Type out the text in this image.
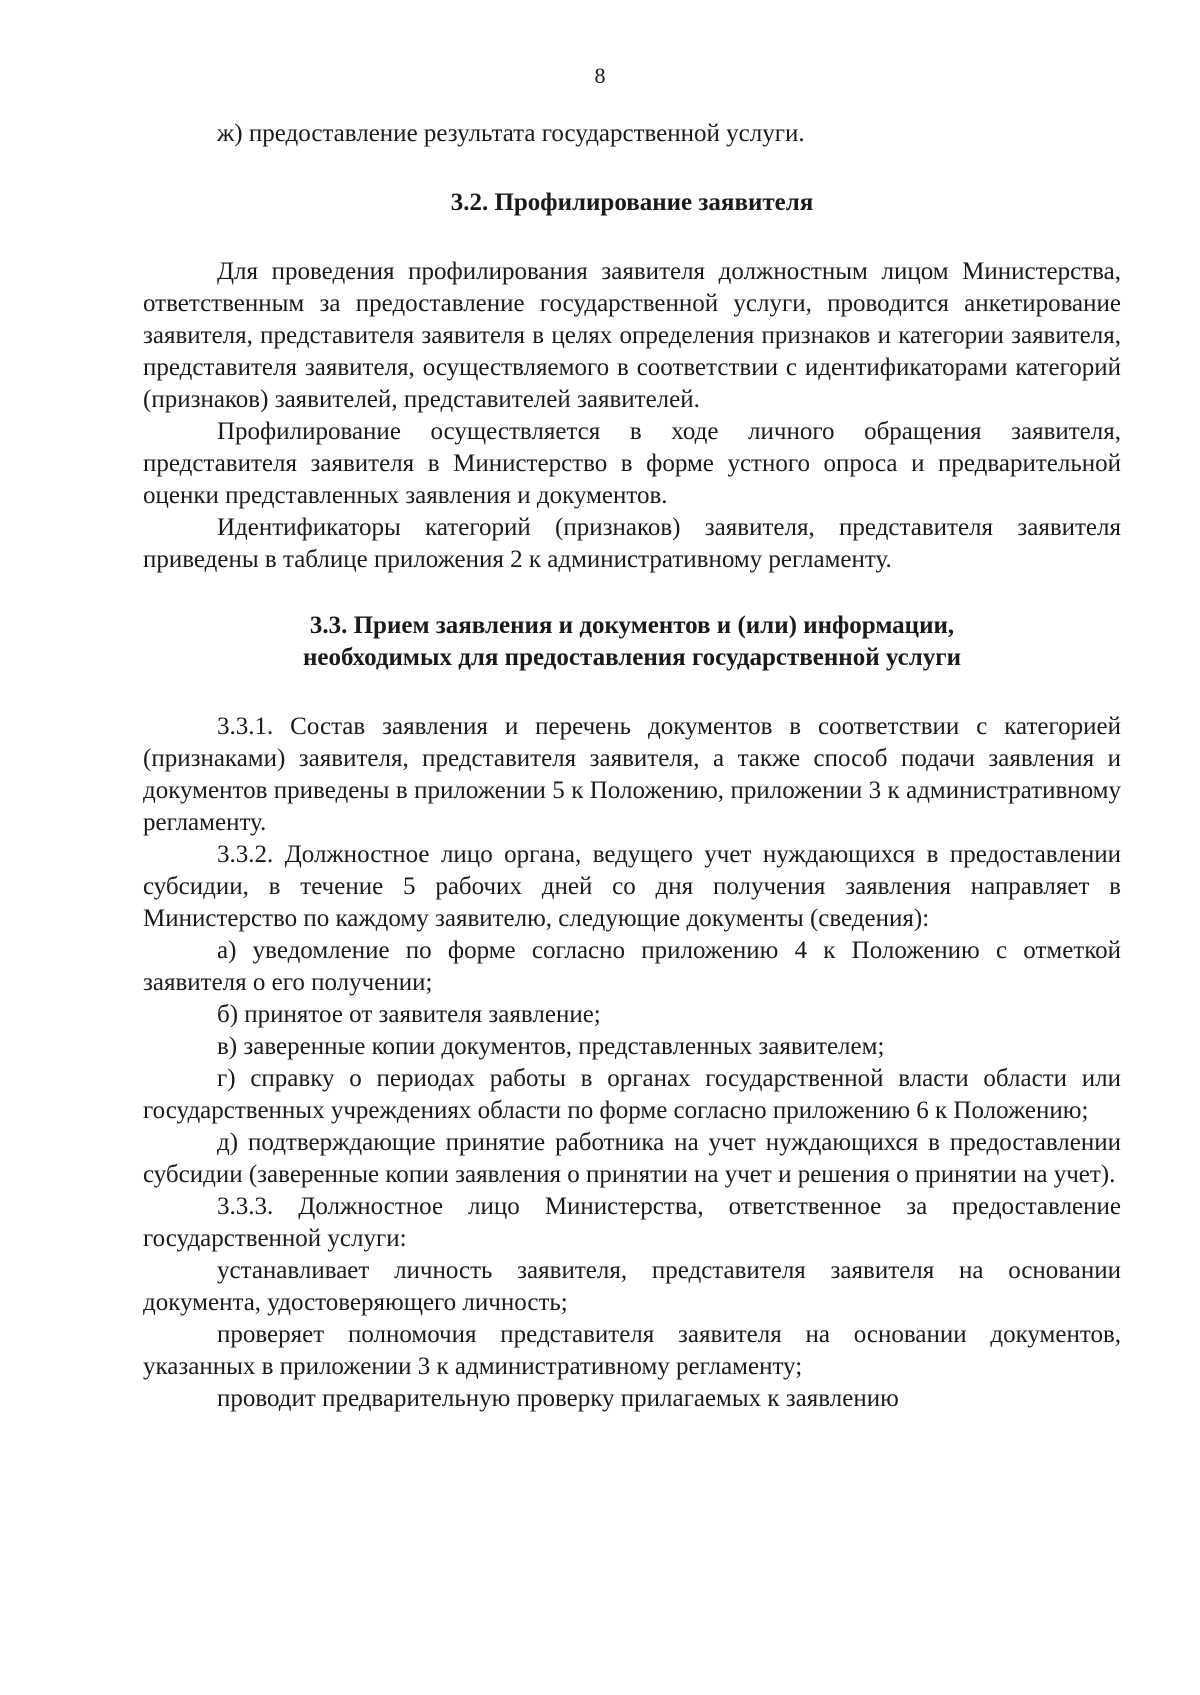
8

ж) предоставление результата государственной услуги.

3.2. Профилирование заявителя

Для проведения профилирования заявителя должностным лицом Министерства, ответственным за предоставление государственной услуги, проводится анкетирование заявителя, представителя заявителя в целях определения признаков и категории заявителя, представителя заявителя, осуществляемого в соответствии с идентификаторами категорий (признаков) заявителей, представителей заявителей.

Профилирование осуществляется в ходе личного обращения заявителя, представителя заявителя в Министерство в форме устного опроса и предварительной оценки представленных заявления и документов.

Идентификаторы категорий (признаков) заявителя, представителя заявителя приведены в таблице приложения 2 к административному регламенту.

3.3. Прием заявления и документов и (или) информации,
необходимых для предоставления государственной услуги

3.3.1. Состав заявления и перечень документов в соответствии с категорией (признаками) заявителя, представителя заявителя, а также способ подачи заявления и документов приведены в приложении 5 к Положению, приложении 3 к административному регламенту.

3.3.2. Должностное лицо органа, ведущего учет нуждающихся в предоставлении субсидии, в течение 5 рабочих дней со дня получения заявления направляет в Министерство по каждому заявителю, следующие документы (сведения):

а) уведомление по форме согласно приложению 4 к Положению с отметкой заявителя о его получении;

б) принятое от заявителя заявление;

в) заверенные копии документов, представленных заявителем;

г) справку о периодах работы в органах государственной власти области или государственных учреждениях области по форме согласно приложению 6 к Положению;

д) подтверждающие принятие работника на учет нуждающихся в предоставлении субсидии (заверенные копии заявления о принятии на учет и решения о принятии на учет).

3.3.3. Должностное лицо Министерства, ответственное за предоставление государственной услуги:

устанавливает личность заявителя, представителя заявителя на основании документа, удостоверяющего личность;

проверяет полномочия представителя заявителя на основании документов, указанных в приложении 3 к административному регламенту;

проводит предварительную проверку прилагаемых к заявлению
